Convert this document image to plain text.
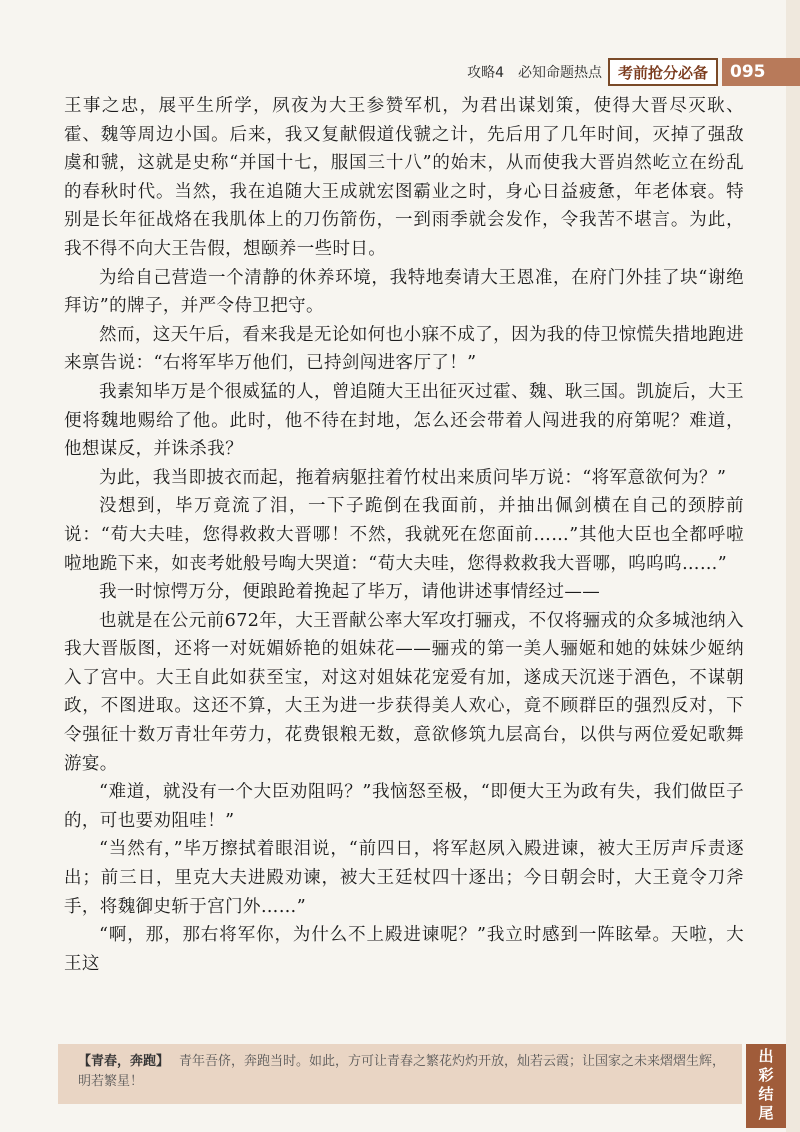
攻略4　必知命题热点	考前抢分必备	095

王事之忠，展平生所学，夙夜为大王参赞军机，为君出谋划策，使得大晋尽灭耿、霍、魏等周边小国。后来，我又复献假道伐虢之计，先后用了几年时间，灭掉了强敌虞和虢，这就是史称“并国十七，服国三十八”的始末，从而使我大晋岿然屹立在纷乱的春秋时代。当然，我在追随大王成就宏图霸业之时，身心日益疲惫，年老体衰。特别是长年征战烙在我肌体上的刀伤箭伤，一到雨季就会发作，令我苦不堪言。为此，我不得不向大王告假，想颐养一些时日。

为给自己营造一个清静的休养环境，我特地奏请大王恩准，在府门外挂了块“谢绝拜访”的牌子，并严令侍卫把守。

然而，这天午后，看来我是无论如何也小寐不成了，因为我的侍卫惊慌失措地跑进来禀告说：“右将军毕万他们，已持剑闯进客厅了！”

我素知毕万是个很威猛的人，曾追随大王出征灭过霍、魏、耿三国。凯旋后，大王便将魏地赐给了他。此时，他不待在封地，怎么还会带着人闯进我的府第呢？难道，他想谋反，并诛杀我？

为此，我当即披衣而起，拖着病躯拄着竹杖出来质问毕万说：“将军意欲何为？”

没想到，毕万竟流了泪，一下子跪倒在我面前，并抽出佩剑横在自己的颈脖前说：“荀大夫哇，您得救救大晋哪！不然，我就死在您面前……”其他大臣也全都呼啦啦地跪下来，如丧考妣般号啕大哭道：“荀大夫哇，您得救救我大晋哪，呜呜呜……”

我一时惊愕万分，便踉跄着挽起了毕万，请他讲述事情经过——

也就是在公元前672年，大王晋献公率大军攻打骊戎，不仅将骊戎的众多城池纳入我大晋版图，还将一对妩媚娇艳的姐妹花——骊戎的第一美人骊姬和她的妹妹少姬纳入了宫中。大王自此如获至宝，对这对姐妹花宠爱有加，遂成天沉迷于酒色，不谋朝政，不图进取。这还不算，大王为进一步获得美人欢心，竟不顾群臣的强烈反对，下令强征十数万青壮年劳力，花费银粮无数，意欲修筑九层高台，以供与两位爱妃歌舞游宴。

“难道，就没有一个大臣劝阻吗？”我恼怒至极，“即便大王为政有失，我们做臣子的，可也要劝阻哇！”

“当然有，”毕万擦拭着眼泪说，“前四日，将军赵夙入殿进谏，被大王厉声斥责逐出；前三日，里克大夫进殿劝谏，被大王廷杖四十逐出；今日朝会时，大王竟令刀斧手，将魏御史斩于宫门外……”

“啊，那，那右将军你，为什么不上殿进谏呢？”我立时感到一阵眩晕。天啦，大王这

【青春，奔跑】 青年吾侪，奔跑当时。如此，方可让青春之繁花灼灼开放，灿若云霞；让国家之未来熠熠生辉，明若繁星！	出彩结尾
